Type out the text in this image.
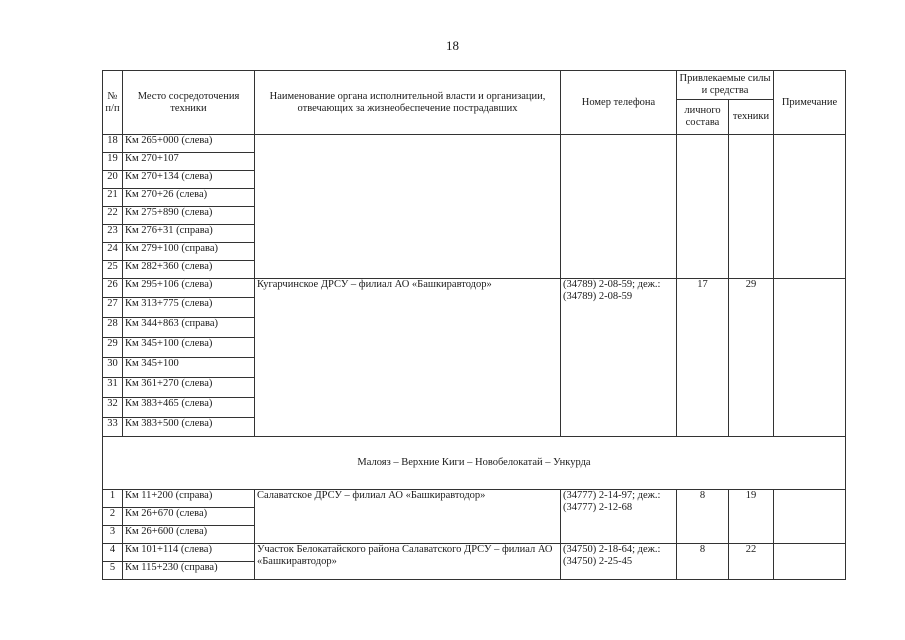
18
№ п/п	Место сосредоточения техники	Наименование органа исполнительной власти и организации, отвечающих за жизнеобеспечение пострадавших	Номер телефона	Привлекаемые силы и средства		Примечание
				личного состава	техники	
18	Км 265+000 (слева)					
19	Км 270+107					
20	Км 270+134 (слева)					
21	Км 270+26 (слева)					
22	Км 275+890 (слева)					
23	Км 276+31 (справа)					
24	Км 279+100 (справа)					
25	Км 282+360 (слева)					
26	Км 295+106 (слева)	Кугарчинское ДРСУ – филиал АО «Башкиравтодор»	(34789) 2-08-59; деж.: (34789) 2-08-59	17	29	
27	Км 313+775 (слева)					
28	Км 344+863 (справа)					
29	Км 345+100 (слева)					
30	Км 345+100					
31	Км 361+270 (слева)					
32	Км 383+465 (слева)					
33	Км 383+500 (слева)					
Малояз – Верхние Киги – Новобелокатай – Ункурда						
1	Км 11+200 (справа)	Салаватское ДРСУ – филиал АО «Башкиравтодор»	(34777) 2-14-97; деж.: (34777) 2-12-68	8	19	
2	Км 26+670 (слева)					
3	Км 26+600 (слева)					
4	Км 101+114 (слева)	Участок Белокатайского района Салаватского ДРСУ – филиал АО «Башкиравтодор»	(34750) 2-18-64; деж.: (34750) 2-25-45	8	22	
5	Км 115+230 (справа)					
